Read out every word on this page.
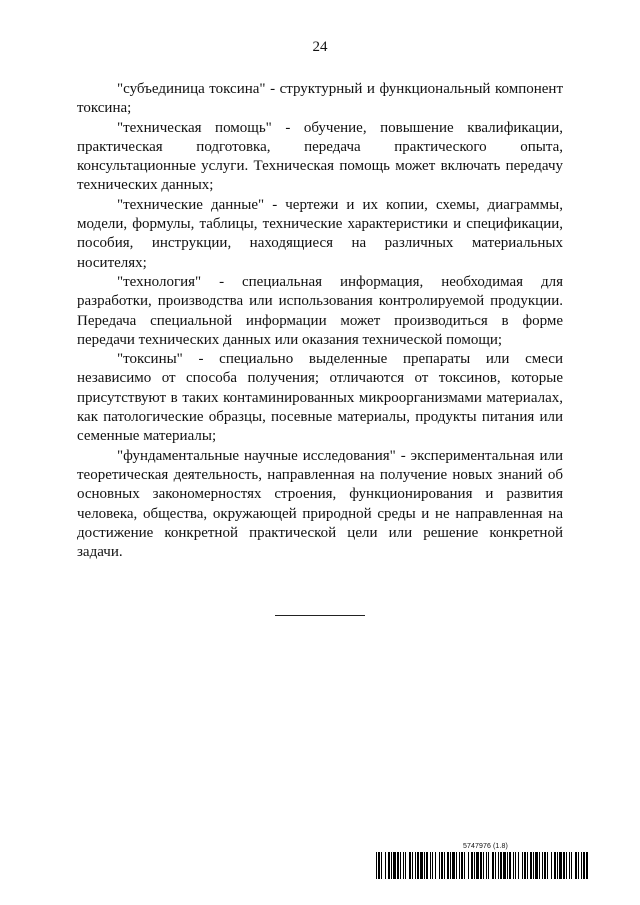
24

"субъединица токсина" - структурный и функциональный компонент токсина;

"техническая помощь" - обучение, повышение квалификации, практическая подготовка, передача практического опыта, консультационные услуги. Техническая помощь может включать передачу технических данных;

"технические данные" - чертежи и их копии, схемы, диаграммы, модели, формулы, таблицы, технические характеристики и спецификации, пособия, инструкции, находящиеся на различных материальных носителях;

"технология" - специальная информация, необходимая для разработки, производства или использования контролируемой продукции. Передача специальной информации может производиться в форме передачи технических данных или оказания технической помощи;

"токсины" - специально выделенные препараты или смеси независимо от способа получения; отличаются от токсинов, которые присутствуют в таких контаминированных микроорганизмами материалах, как патологические образцы, посевные материалы, продукты питания или семенные материалы;

"фундаментальные научные исследования" - экспериментальная или теоретическая деятельность, направленная на получение новых знаний об основных закономерностях строения, функционирования и развития человека, общества, окружающей природной среды и не направленная на достижение конкретной практической цели или решение конкретной задачи.

5747976 (1.8)
